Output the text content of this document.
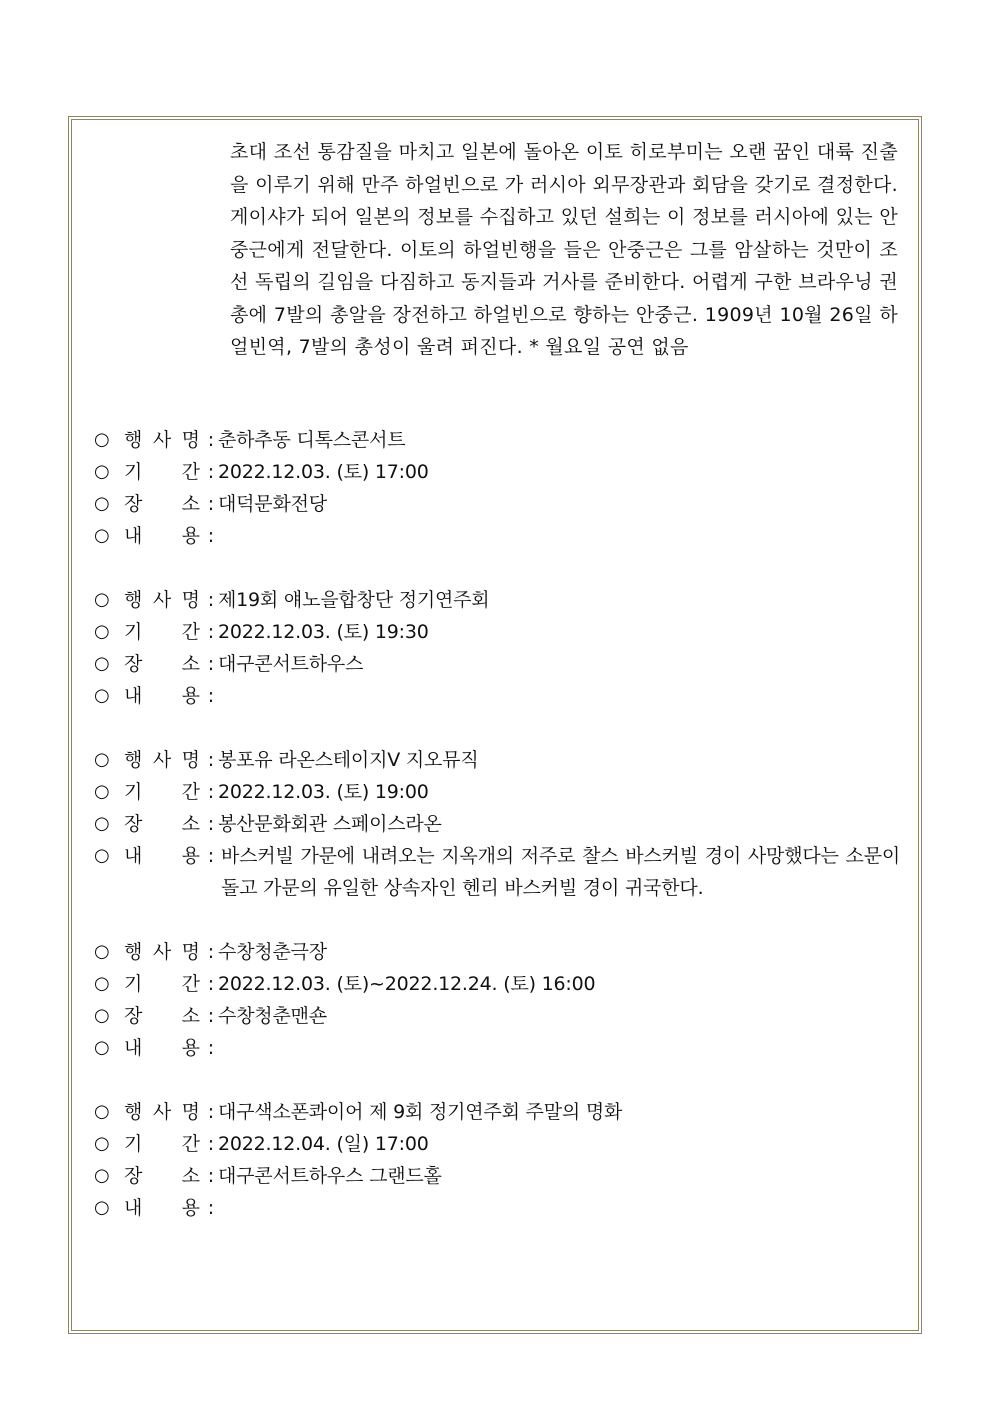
초대 조선 통감질을 마치고 일본에 돌아온 이토 히로부미는 오랜 꿈인 대륙 진출을 이루기 위해 만주 하얼빈으로 가 러시아 외무장관과 회담을 갖기로 결정한다. 게이샤가 되어 일본의 정보를 수집하고 있던 설희는 이 정보를 러시아에 있는 안중근에게 전달한다. 이토의 하얼빈행을 들은 안중근은 그를 암살하는 것만이 조선 독립의 길임을 다짐하고 동지들과 거사를 준비한다. 어렵게 구한 브라우닝 권총에 7발의 총알을 장전하고 하얼빈으로 향하는 안중근. 1909년 10월 26일 하얼빈역, 7발의 총성이 울려 퍼진다. * 월요일 공연 없음
○ 행 사 명 : 춘하추동 디톡스콘서트
○ 기 간 : 2022.12.03. (토) 17:00
○ 장 소 : 대덕문화전당
○ 내 용 :
○ 행 사 명 : 제19회 얘노을합창단 정기연주회
○ 기 간 : 2022.12.03. (토) 19:30
○ 장 소 : 대구콘서트하우스
○ 내 용 :
○ 행 사 명 : 봉포유 라온스테이지V 지오뮤직
○ 기 간 : 2022.12.03. (토) 19:00
○ 장 소 : 봉산문화회관 스페이스라온
○ 내 용 : 바스커빌 가문에 내려오는 지옥개의 저주로 찰스 바스커빌 경이 사망했다는 소문이 돌고 가문의 유일한 상속자인 헨리 바스커빌 경이 귀국한다.
○ 행 사 명 : 수창청춘극장
○ 기 간 : 2022.12.03. (토)~2022.12.24. (토) 16:00
○ 장 소 : 수창청춘맨숀
○ 내 용 :
○ 행 사 명 : 대구색소폰콰이어 제 9회 정기연주회 주말의 명화
○ 기 간 : 2022.12.04. (일) 17:00
○ 장 소 : 대구콘서트하우스 그랜드홀
○ 내 용 :
